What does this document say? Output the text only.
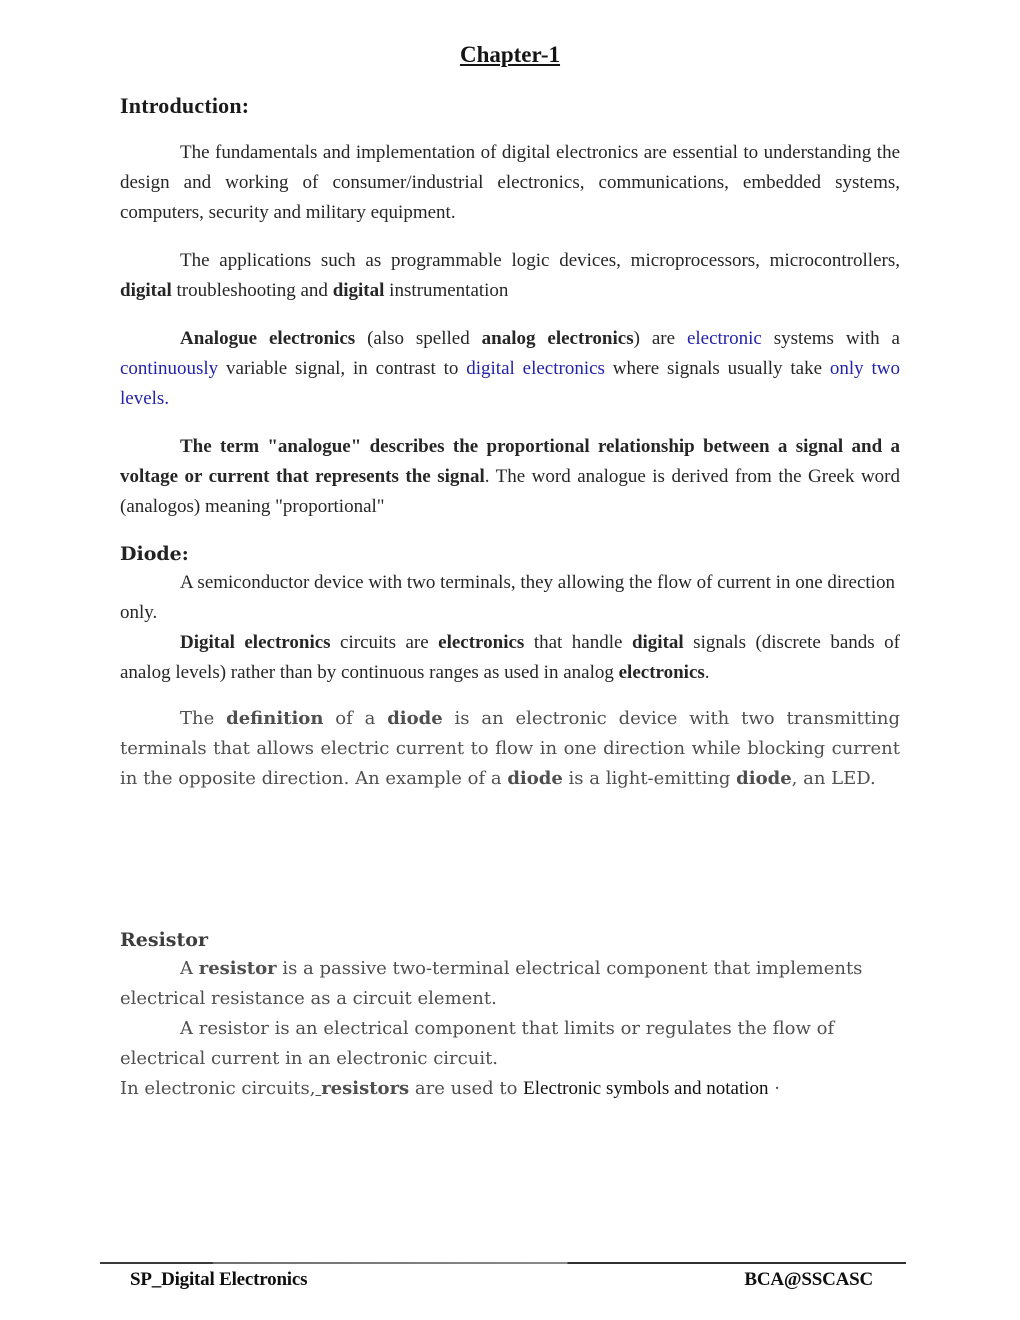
Chapter-1
Introduction:
The fundamentals and implementation of digital electronics are essential to understanding the design and working of consumer/industrial electronics, communications, embedded systems, computers, security and military equipment.
The applications such as programmable logic devices, microprocessors, microcontrollers, digital troubleshooting and digital instrumentation
Analogue electronics (also spelled analog electronics) are electronic systems with a continuously variable signal, in contrast to digital electronics where signals usually take only two levels.
The term "analogue" describes the proportional relationship between a signal and a voltage or current that represents the signal. The word analogue is derived from the Greek word (analogos) meaning "proportional"
Diode:
A semiconductor device with two terminals, they allowing the flow of current in one direction only.
Digital electronics circuits are electronics that handle digital signals (discrete bands of analog levels) rather than by continuous ranges as used in analog electronics.
The definition of a diode is an electronic device with two transmitting terminals that allows electric current to flow in one direction while blocking current in the opposite direction. An example of a diode is a light-emitting diode, an LED.
Resistor
A resistor is a passive two-terminal electrical component that implements electrical resistance as a circuit element.
A resistor is an electrical component that limits or regulates the flow of electrical current in an electronic circuit.
In electronic circuits, resistors are used to Electronic symbols and notation ·
SP_Digital Electronics	BCA@SSCASC
